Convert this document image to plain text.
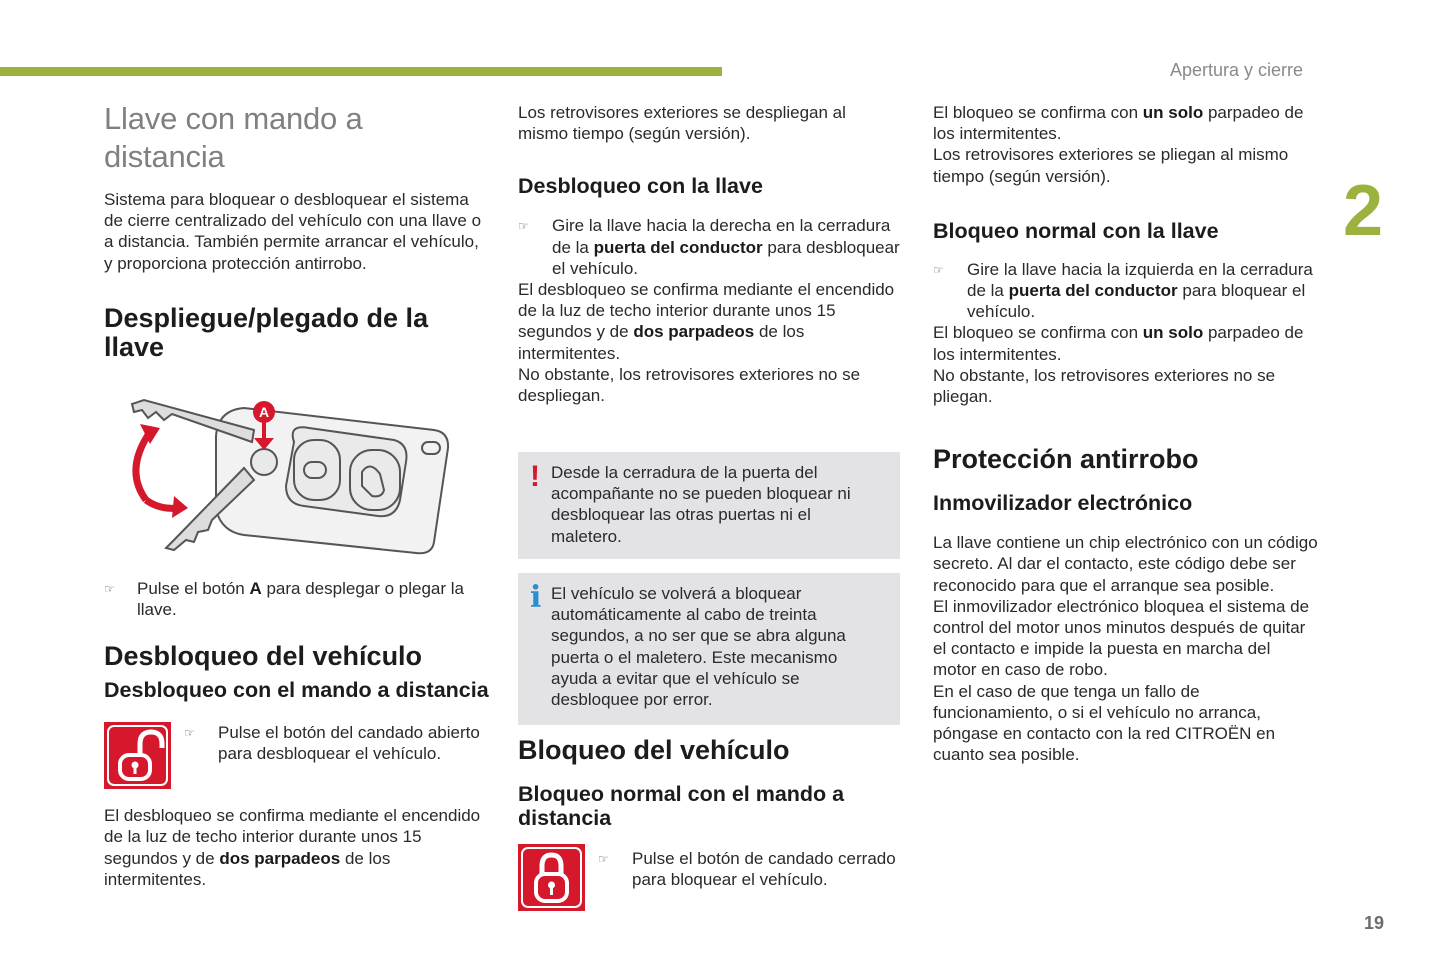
Apertura y cierre
2
19
Llave con mando a distancia

Sistema para bloquear o desbloquear el sistema de cierre centralizado del vehículo con una llave o a distancia. También permite arrancar el vehículo, y proporciona protección antirrobo.

Despliegue/plegado de la llave
A
☞ Pulse el botón A para desplegar o plegar la llave.
Desbloqueo del vehículo
Desbloqueo con el mando a distancia
☞ Pulse el botón del candado abierto para desbloquear el vehículo.

El desbloqueo se confirma mediante el encendido de la luz de techo interior durante unos 15 segundos y de dos parpadeos de los intermitentes.

Los retrovisores exteriores se despliegan al mismo tiempo (según versión).

Desbloqueo con la llave
☞ Gire la llave hacia la derecha en la cerradura de la puerta del conductor para desbloquear el vehículo.

El desbloqueo se confirma mediante el encendido de la luz de techo interior durante unos 15 segundos y de dos parpadeos de los intermitentes.

No obstante, los retrovisores exteriores no se despliegan.

! Desde la cerradura de la puerta del acompañante no se pueden bloquear ni desbloquear las otras puertas ni el maletero.
i El vehículo se volverá a bloquear automáticamente al cabo de treinta segundos, a no ser que se abra alguna puerta o el maletero. Este mecanismo ayuda a evitar que el vehículo se desbloquee por error.
Bloqueo del vehículo
Bloqueo normal con el mando a distancia
☞ Pulse el botón de candado cerrado para bloquear el vehículo.

El bloqueo se confirma con un solo parpadeo de los intermitentes.

Los retrovisores exteriores se pliegan al mismo tiempo (según versión).

Bloqueo normal con la llave
☞ Gire la llave hacia la izquierda en la cerradura de la puerta del conductor para bloquear el vehículo.

El bloqueo se confirma con un solo parpadeo de los intermitentes.

No obstante, los retrovisores exteriores no se pliegan.

Protección antirrobo
Inmovilizador electrónico

La llave contiene un chip electrónico con un código secreto. Al dar el contacto, este código debe ser reconocido para que el arranque sea posible.

El inmovilizador electrónico bloquea el sistema de control del motor unos minutos después de quitar el contacto e impide la puesta en marcha del motor en caso de robo.

En el caso de que tenga un fallo de funcionamiento, o si el vehículo no arranca, póngase en contacto con la red CITROËN en cuanto sea posible.
